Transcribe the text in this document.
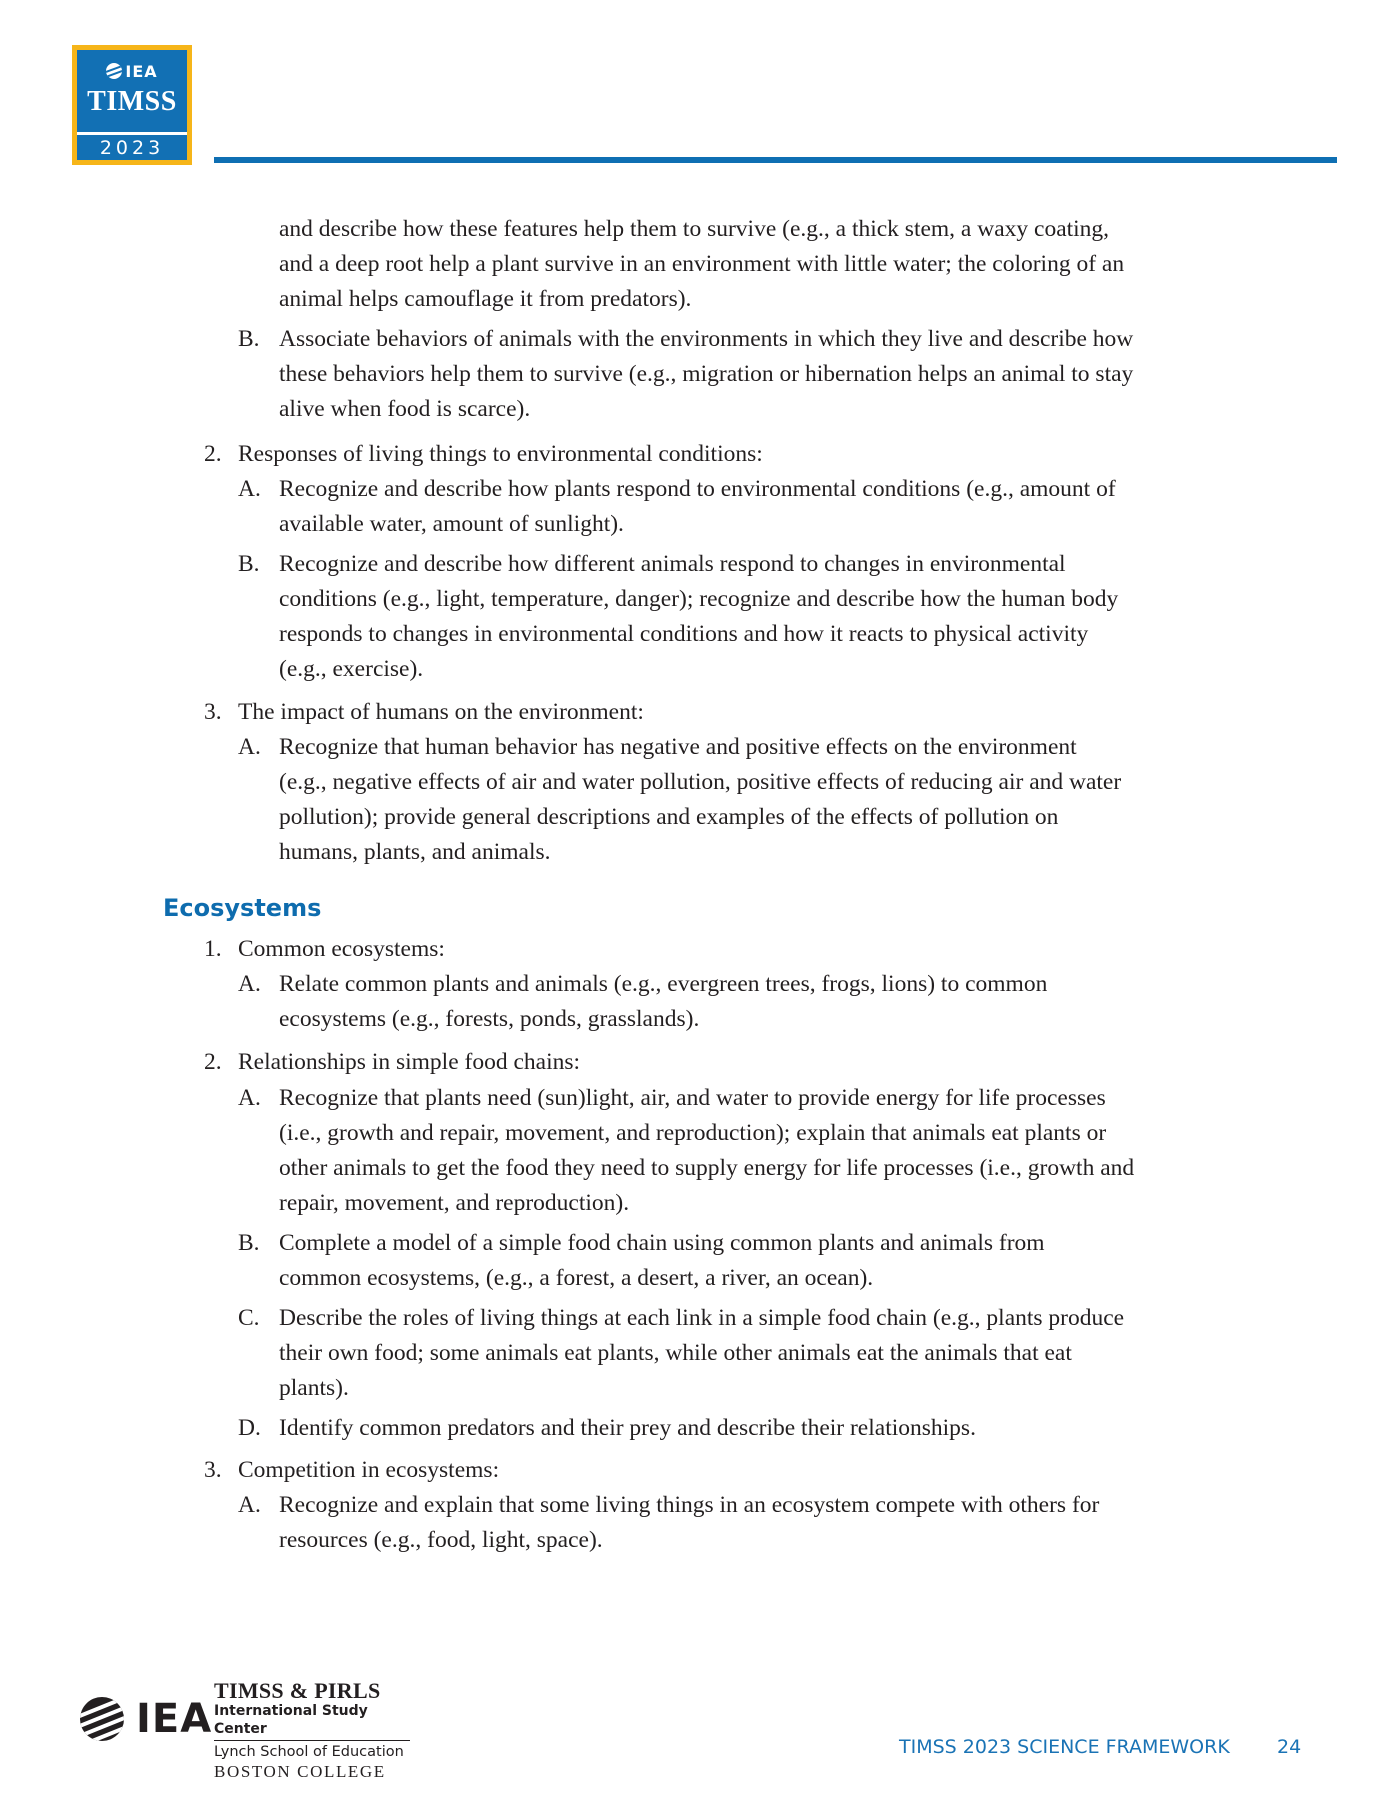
IEA
TIMSS
2023
and describe how these features help them to survive (e.g., a thick stem, a waxy coating,
and a deep root help a plant survive in an environment with little water; the coloring of an
animal helps camouflage it from predators).
B. Associate behaviors of animals with the environments in which they live and describe how
these behaviors help them to survive (e.g., migration or hibernation helps an animal to stay
alive when food is scarce).
2. Responses of living things to environmental conditions:
A. Recognize and describe how plants respond to environmental conditions (e.g., amount of
available water, amount of sunlight).
B. Recognize and describe how different animals respond to changes in environmental
conditions (e.g., light, temperature, danger); recognize and describe how the human body
responds to changes in environmental conditions and how it reacts to physical activity
(e.g., exercise).
3. The impact of humans on the environment:
A. Recognize that human behavior has negative and positive effects on the environment
(e.g., negative effects of air and water pollution, positive effects of reducing air and water
pollution); provide general descriptions and examples of the effects of pollution on
humans, plants, and animals.
Ecosystems
1. Common ecosystems:
A. Relate common plants and animals (e.g., evergreen trees, frogs, lions) to common
ecosystems (e.g., forests, ponds, grasslands).
2. Relationships in simple food chains:
A. Recognize that plants need (sun)light, air, and water to provide energy for life processes
(i.e., growth and repair, movement, and reproduction); explain that animals eat plants or
other animals to get the food they need to supply energy for life processes (i.e., growth and
repair, movement, and reproduction).
B. Complete a model of a simple food chain using common plants and animals from
common ecosystems, (e.g., a forest, a desert, a river, an ocean).
C. Describe the roles of living things at each link in a simple food chain (e.g., plants produce
their own food; some animals eat plants, while other animals eat the animals that eat
plants).
D. Identify common predators and their prey and describe their relationships.
3. Competition in ecosystems:
A. Recognize and explain that some living things in an ecosystem compete with others for
resources (e.g., food, light, space).
IEA
TIMSS & PIRLS
International Study Center
Lynch School of Education
BOSTON COLLEGE
TIMSS 2023 SCIENCE FRAMEWORK 24
